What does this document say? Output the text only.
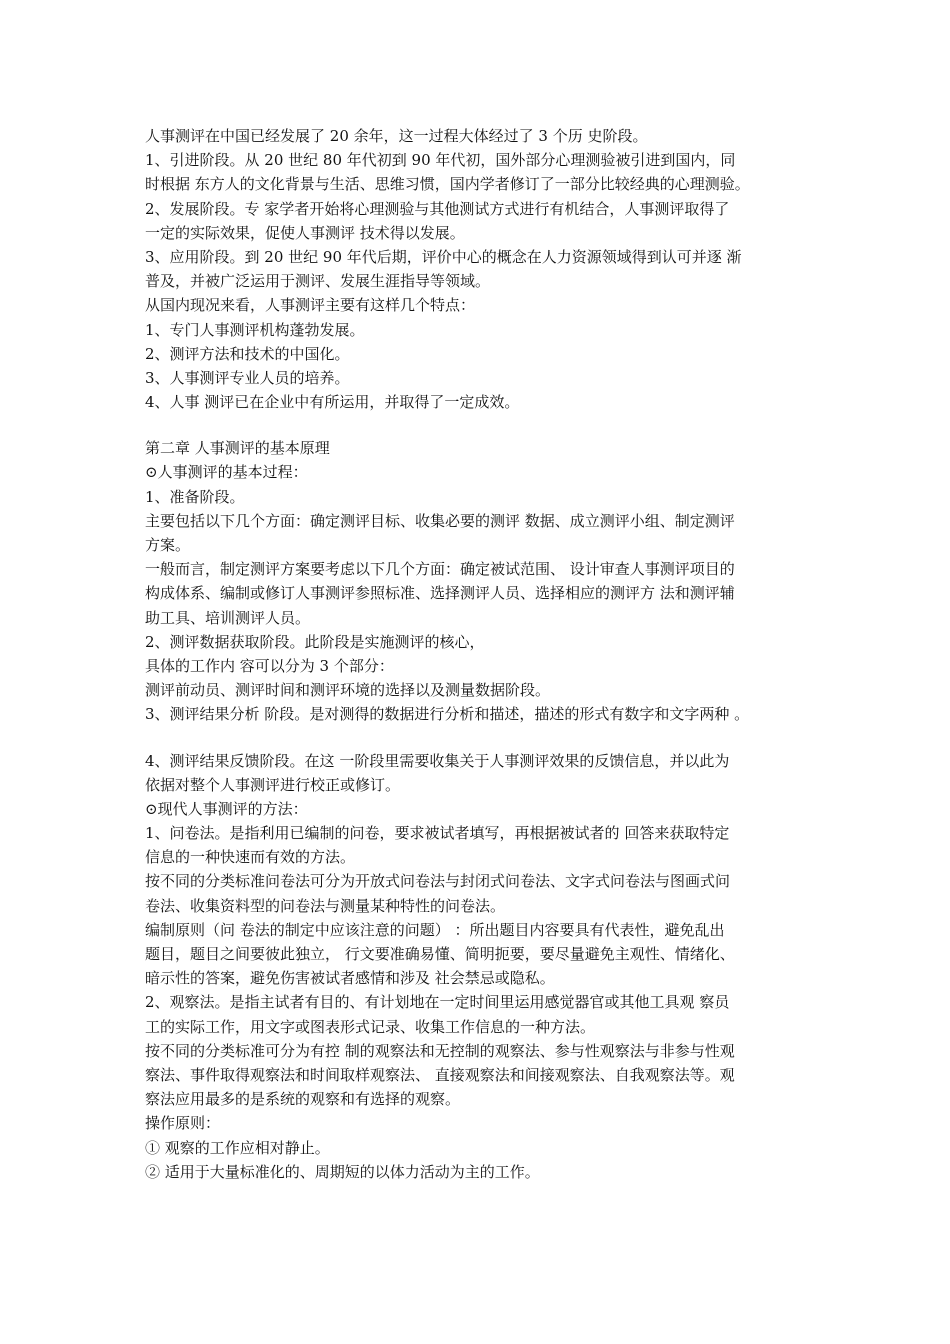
人事测评在中国已经发展了 20 余年，这一过程大体经过了 3 个历 史阶段。
1、引进阶段。从 20 世纪 80 年代初到 90 年代初，国外部分心理测验被引进到国内，同
时根据 东方人的文化背景与生活、思维习惯，国内学者修订了一部分比较经典的心理测验。
2、发展阶段。专 家学者开始将心理测验与其他测试方式进行有机结合，人事测评取得了
一定的实际效果，促使人事测评 技术得以发展。
3、应用阶段。到 20 世纪 90 年代后期，评价中心的概念在人力资源领域得到认可并逐 渐
普及，并被广泛运用于测评、发展生涯指导等领域。
从国内现况来看，人事测评主要有这样几个特点：
1、专门人事测评机构蓬勃发展。
2、测评方法和技术的中国化。
3、人事测评专业人员的培养。
4、人事 测评已在企业中有所运用，并取得了一定成效。
第二章 人事测评的基本原理
⊙人事测评的基本过程：
1、准备阶段。
主要包括以下几个方面：确定测评目标、收集必要的测评 数据、成立测评小组、制定测评
方案。
一般而言，制定测评方案要考虑以下几个方面：确定被试范围、 设计审查人事测评项目的
构成体系、编制或修订人事测评参照标准、选择测评人员、选择相应的测评方 法和测评辅
助工具、培训测评人员。
2、测评数据获取阶段。此阶段是实施测评的核心，
具体的工作内 容可以分为 3 个部分：
测评前动员、测评时间和测评环境的选择以及测量数据阶段。
3、测评结果分析 阶段。是对测得的数据进行分析和描述，描述的形式有数字和文字两种 。
4、测评结果反馈阶段。在这 一阶段里需要收集关于人事测评效果的反馈信息，并以此为
依据对整个人事测评进行校正或修订。
⊙现代人事测评的方法：
1、问卷法。是指利用已编制的问卷，要求被试者填写，再根据被试者的 回答来获取特定
信息的一种快速而有效的方法。
按不同的分类标准问卷法可分为开放式问卷法与封闭式问卷法、文字式问卷法与图画式问
卷法、收集资料型的问卷法与测量某种特性的问卷法。
编制原则（问 卷法的制定中应该注意的问题） ：所出题目内容要具有代表性，避免乱出
题目，题目之间要彼此独立， 行文要准确易懂、简明扼要，要尽量避免主观性、情绪化、
暗示性的答案，避免伤害被试者感情和涉及 社会禁忌或隐私。
2、观察法。是指主试者有目的、有计划地在一定时间里运用感觉器官或其他工具观 察员
工的实际工作，用文字或图表形式记录、收集工作信息的一种方法。
按不同的分类标准可分为有控 制的观察法和无控制的观察法、参与性观察法与非参与性观
察法、事件取得观察法和时间取样观察法、 直接观察法和间接观察法、自我观察法等。观
察法应用最多的是系统的观察和有选择的观察。
操作原则：
① 观察的工作应相对静止。
② 适用于大量标准化的、周期短的以体力活动为主的工作。
